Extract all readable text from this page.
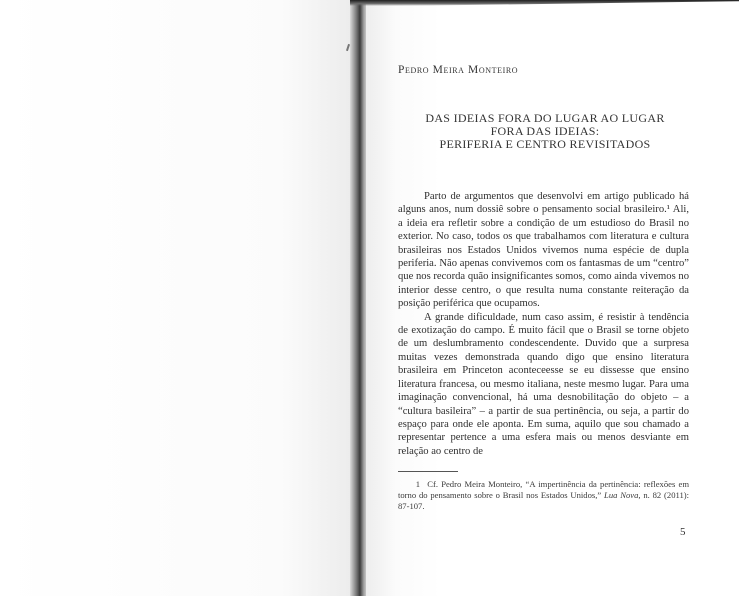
Pedro Meira Monteiro
DAS IDEIAS FORA DO LUGAR AO LUGAR
FORA DAS IDEIAS:
PERIFERIA E CENTRO REVISITADOS

Parto de argumentos que desenvolvi em artigo publicado há alguns anos, num dossiê sobre o pensamento social brasileiro.¹ Ali, a ideia era refletir sobre a condição de um estudioso do Brasil no exterior. No caso, todos os que trabalhamos com literatura e cultura brasileiras nos Estados Unidos vivemos numa espécie de dupla periferia. Não apenas convivemos com os fantasmas de um “centro” que nos recorda quão insignificantes somos, como ainda vivemos no interior desse centro, o que resulta numa constante reiteração da posição periférica que ocupamos.

A grande dificuldade, num caso assim, é resistir à tendência de exotização do campo. É muito fácil que o Brasil se torne objeto de um deslumbramento condescendente. Duvido que a surpresa muitas vezes demonstrada quando digo que ensino literatura brasileira em Princeton aconteceesse se eu dissesse que ensino literatura francesa, ou mesmo italiana, neste mesmo lugar. Para uma imaginação convencional, há uma desnobilitação do objeto – a “cultura basileira” – a partir de sua pertinência, ou seja, a partir do espaço para onde ele aponta. Em suma, aquilo que sou chamado a representar pertence a uma esfera mais ou menos desviante em relação ao centro de

1 Cf. Pedro Meira Monteiro, “A impertinência da pertinência: reflexões em torno do pensamento sobre o Brasil nos Estados Unidos,” Lua Nova, n. 82 (2011): 87-107.
5
